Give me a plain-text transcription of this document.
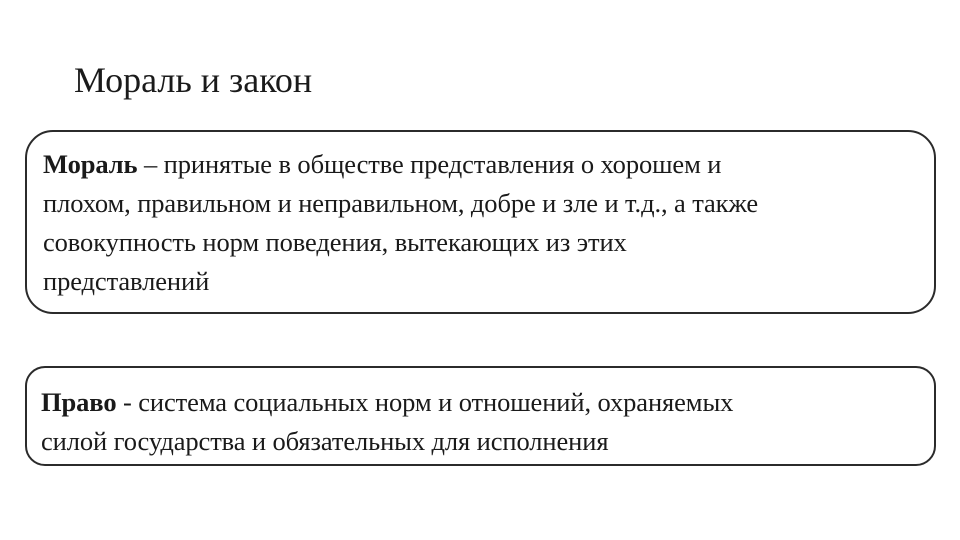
Мораль и закон

Мораль – принятые в обществе представления о хорошем и
плохом, правильном и неправильном, добре и зле и т.д., а также
совокупность норм поведения, вытекающих из этих
представлений

Право - система социальных норм и отношений, охраняемых
силой государства и обязательных для исполнения
